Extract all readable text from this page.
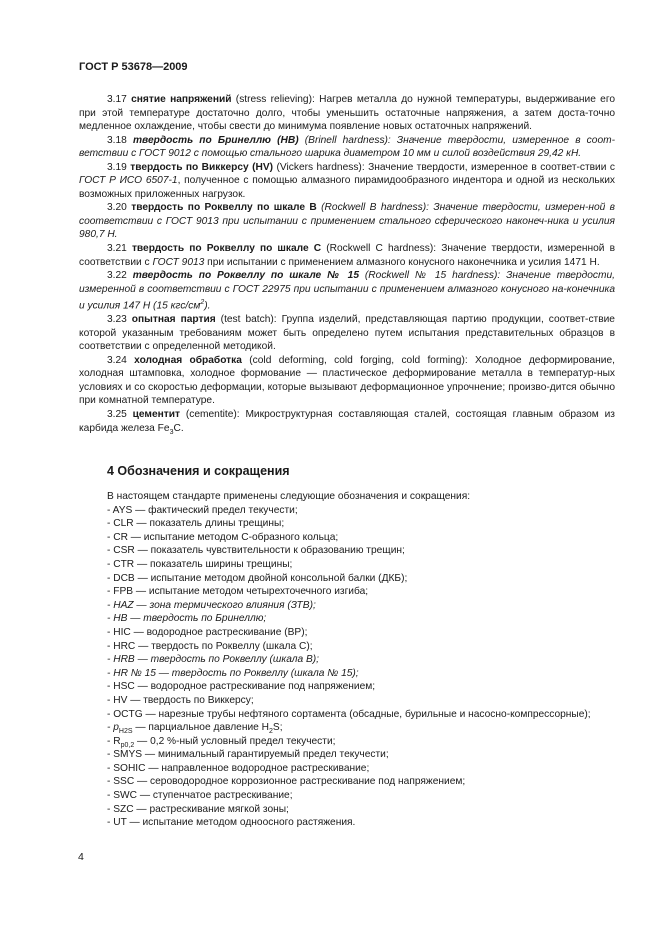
ГОСТ Р 53678—2009

3.17 снятие напряжений (stress relieving): Нагрев металла до нужной температуры, выдерживание его при этой температуре достаточно долго, чтобы уменьшить остаточные напряжения, а затем доста-точно медленное охлаждение, чтобы свести до минимума появление новых остаточных напряжений.

3.18 твердость по Бринеллю (HB) (Brinell hardness): Значение твердости, измеренное в соот-ветствии с ГОСТ 9012 с помощью стального шарика диаметром 10 мм и силой воздействия 29,42 кН.

3.19 твердость по Виккерсу (HV) (Vickers hardness): Значение твердости, измеренное в соответ-ствии с ГОСТ Р ИСО 6507-1, полученное с помощью алмазного пирамидообразного индентора и одной из нескольких возможных приложенных нагрузок.

3.20 твердость по Роквеллу по шкале В (Rockwell B hardness): Значение твердости, измерен-ной в соответствии с ГОСТ 9013 при испытании с применением стального сферического наконеч-ника и усилия 980,7 Н.

3.21 твердость по Роквеллу по шкале С (Rockwell C hardness): Значение твердости, измеренной в соответствии с ГОСТ 9013 при испытании с применением алмазного конусного наконечника и усилия 1471 Н.

3.22 твердость по Роквеллу по шкале № 15 (Rockwell № 15 hardness): Значение твердости, измеренной в соответствии с ГОСТ 22975 при испытании с применением алмазного конусного на-конечника и усилия 147 Н (15 кгс/$см^2$).

3.23 опытная партия (test batch): Группа изделий, представляющая партию продукции, соответ-ствие которой указанным требованиям может быть определено путем испытания представительных образцов в соответствии с определенной методикой.

3.24 холодная обработка (cold deforming, cold forging, cold forming): Холодное деформирование, холодная штамповка, холодное формование — пластическое деформирование металла в температур-ных условиях и со скоростью деформации, которые вызывают деформационное упрочнение; произво-дится обычно при комнатной температуре.

3.25 цементит (cementite): Микроструктурная составляющая сталей, состоящая главным образом из карбида железа $Fe_3C$.

4 Обозначения и сокращения

В настоящем стандарте применены следующие обозначения и сокращения:

- AYS — фактический предел текучести;
- CLR — показатель длины трещины;
- CR — испытание методом С-образного кольца;
- CSR — показатель чувствительности к образованию трещин;
- CTR — показатель ширины трещины;
- DCB — испытание методом двойной консольной балки (ДКБ);
- FPB — испытание методом четырехточечного изгиба;
- HAZ — зона термического влияния (ЗТВ);
- HB — твердость по Бринеллю;
- HIC — водородное растрескивание (ВР);
- HRC — твердость по Роквеллу (шкала С);
- HRB — твердость по Роквеллу (шкала В);
- HR № 15 — твердость по Роквеллу (шкала № 15);
- HSC — водородное растрескивание под напряжением;
- HV — твердость по Виккерсу;
- OCTG — нарезные трубы нефтяного сортамента (обсадные, бурильные и насосно-компрессорные);
- $p_{H2S}$ — парциальное давление $H_2S$;
- $R_{p0,2}$ — 0,2 %-ный условный предел текучести;
- SMYS — минимальный гарантируемый предел текучести;
- SOHIC — направленное водородное растрескивание;
- SSC — сероводородное коррозионное растрескивание под напряжением;
- SWC — ступенчатое растрескивание;
- SZC — растрескивание мягкой зоны;
- UT — испытание методом одноосного растяжения.
4
